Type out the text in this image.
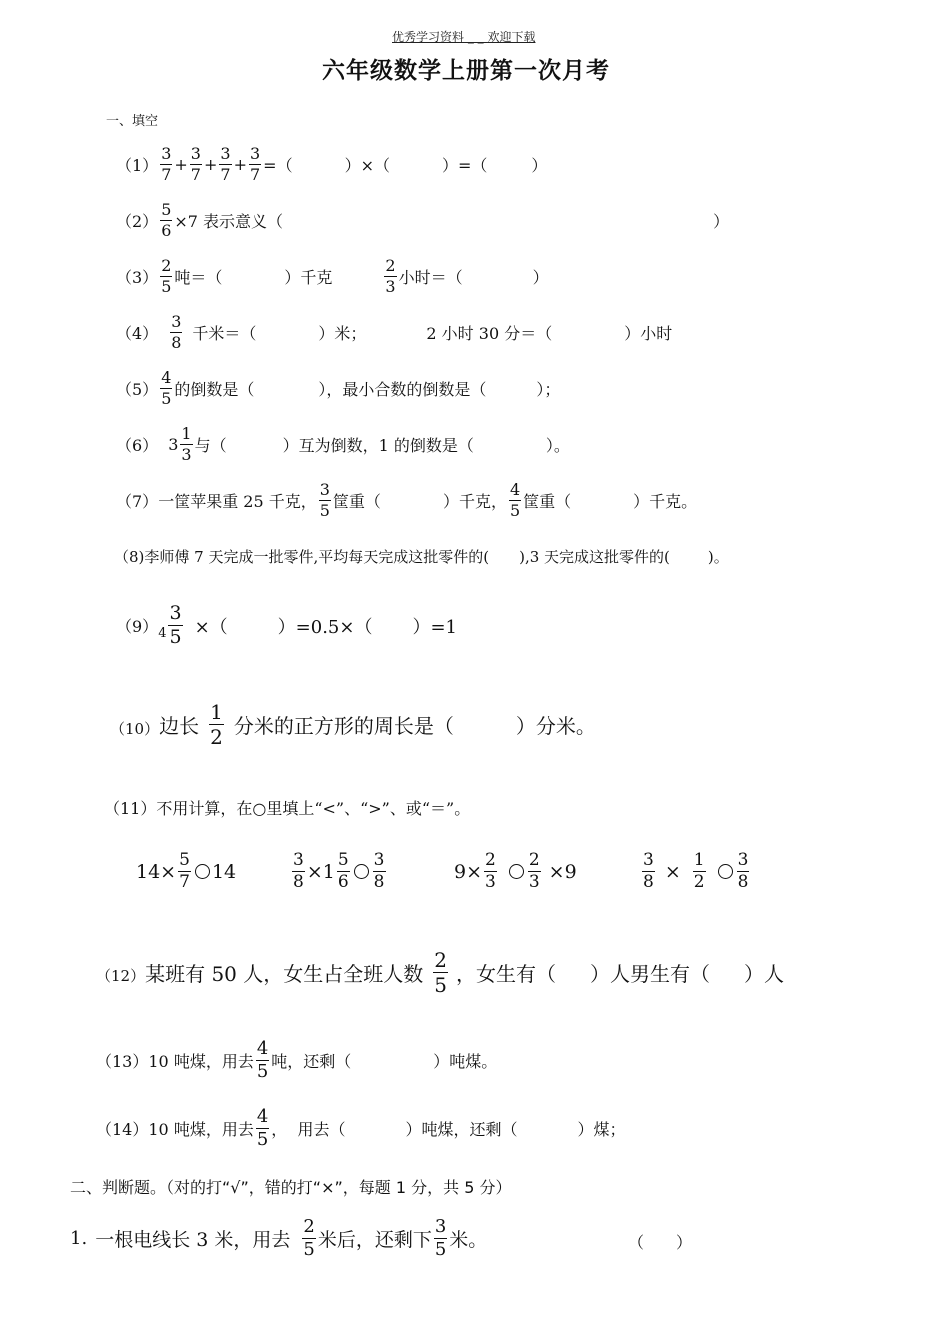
优秀学习资料 _ _ 欢迎下载
六年级数学上册第一次月考
一、填空
$(1) \frac{3}{7} + \frac{3}{7} + \frac{3}{7} + \frac{3}{7}$ =（	）×（	）=（	）
$(2) \frac{5}{6} \times 7$ 表示意义（	）
$(3) \frac{2}{5}$ 吨＝（	）千克	$\frac{2}{3}$ 小时＝（	）
$(4) \frac{3}{8}$ 千米＝（	）米；	2 小时 30 分＝（	）小时
$(5) \frac{4}{5}$ 的倒数是（	），最小合数的倒数是（	）；
（6） $3 \frac{1}{3}$ 与（	）互为倒数，1 的倒数是（	）。
（7） 一筐苹果重 25 千克， $\frac{3}{5}$ 筐重（	）千克， $\frac{4}{5}$ 筐重（	）千克。
（8)李师傅 7 天完成一批零件,平均每天完成这批零件的( ),3 天完成这批零件的(	)。
（9） $4 \frac{3}{5}$ ×（	）=0.5×（ ）=1
（10） 边长 $\frac{1}{2}$ 分米的正方形的周长是（	）分米。
（11）不用计算，在○里填上“<”、“>”、或“＝”。
$14\times \frac{5}{7} 14$	$\frac{3}{8} \times 1 \frac{5}{6} \frac{3}{8}$	$9\times \frac{2}{3} \frac{2}{3} \times 9$	$\frac{3}{8} \times \frac{1}{2} \frac{3}{8}$
（12） 某班有 50 人，女生占全班人数 $\frac{2}{5}$ ，女生有（ ）人男生有（ ）人
（13） 10 吨煤，用去 $\frac{4}{5}$ 吨，还剩（	）吨煤。
（14） 10 吨煤，用去 $\frac{4}{5}$ ，  用去（	）吨煤，还剩（	）煤；
二、判断题。（对的打“√”，错的打“×”，每题 1 分，共 5 分）
1. 一根电线长 3 米，用去 $\frac{2}{5}$ 米后，还剩下 $\frac{3}{5}$ 米。	（　　）
